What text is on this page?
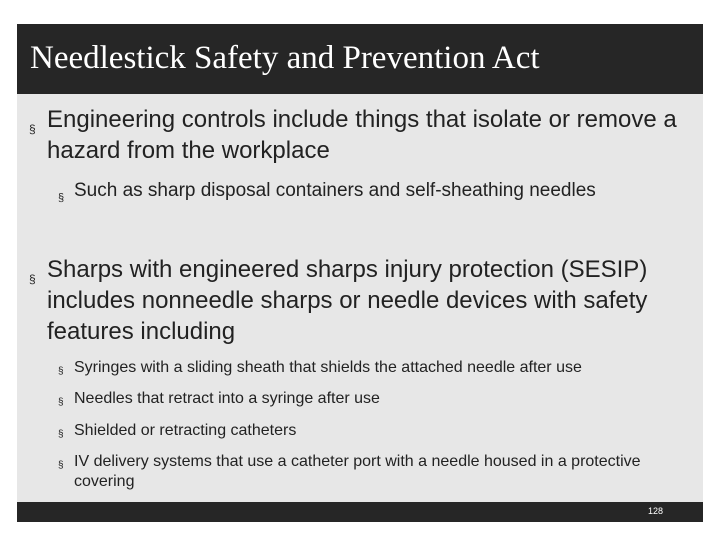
Needlestick Safety and Prevention Act
§ Engineering controls include things that isolate or remove a hazard from the workplace
§ Such as sharp disposal containers and self-sheathing needles
§ Sharps with engineered sharps injury protection (SESIP) includes nonneedle sharps or needle devices with safety features including
§ Syringes with a sliding sheath that shields the attached needle after use
§ Needles that retract into a syringe after use
§ Shielded or retracting catheters
§ IV delivery systems that use a catheter port with a needle housed in a protective covering
128
